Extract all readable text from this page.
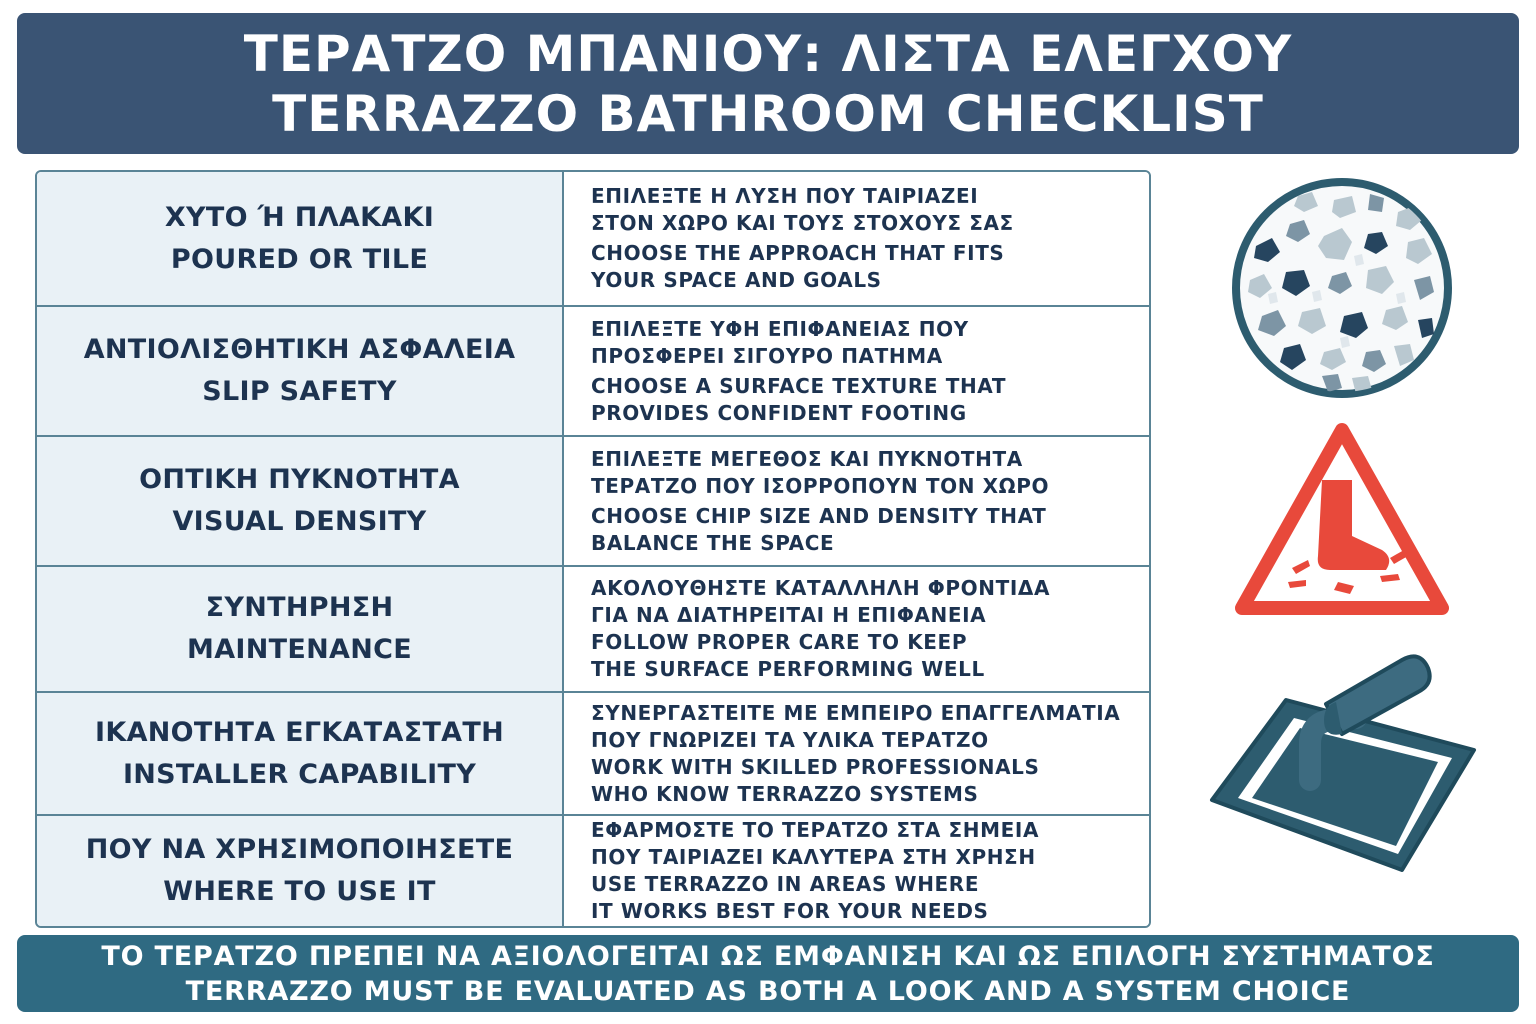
ΤΕΡΑΤΖΟ ΜΠΑΝΙΟΥ: ΛΙΣΤΑ ΕΛΕΓΧΟΥ
TERRAZZO BATHROOM CHECKLIST
ΧΥΤΟ Ή ΠΛΑΚΑΚΙ
POURED OR TILE
ΕΠΙΛΕΞΤΕ Η ΛΥΣΗ ΠΟΥ ΤΑΙΡΙΑΖΕΙ
ΣΤΟΝ ΧΩΡΟ ΚΑΙ ΤΟΥΣ ΣΤΟΧΟΥΣ ΣΑΣ
CHOOSE THE APPROACH THAT FITS
YOUR SPACE AND GOALS
ΑΝΤΙΟΛΙΣΘΗΤΙΚΗ ΑΣΦΑΛΕΙΑ
SLIP SAFETY
ΕΠΙΛΕΞΤΕ ΥΦΗ ΕΠΙΦΑΝΕΙΑΣ ΠΟΥ
ΠΡΟΣΦΕΡΕΙ ΣΙΓΟΥΡΟ ΠΑΤΗΜΑ
CHOOSE A SURFACE TEXTURE THAT
PROVIDES CONFIDENT FOOTING
ΟΠΤΙΚΗ ΠΥΚΝΟΤΗΤΑ
VISUAL DENSITY
ΕΠΙΛΕΞΤΕ ΜΕΓΕΘΟΣ ΚΑΙ ΠΥΚΝΟΤΗΤΑ
ΤΕΡΑΤΖΟ ΠΟΥ ΙΣΟΡΡΟΠΟΥΝ ΤΟΝ ΧΩΡΟ
CHOOSE CHIP SIZE AND DENSITY THAT
BALANCE THE SPACE
ΣΥΝΤΗΡΗΣΗ
MAINTENANCE
ΑΚΟΛΟΥΘΗΣΤΕ ΚΑΤΑΛΛΗΛΗ ΦΡΟΝΤΙΔΑ
ΓΙΑ ΝΑ ΔΙΑΤΗΡΕΙΤΑΙ Η ΕΠΙΦΑΝΕΙΑ
FOLLOW PROPER CARE TO KEEP
THE SURFACE PERFORMING WELL
ΙΚΑΝΟΤΗΤΑ ΕΓΚΑΤΑΣΤΑΤΗ
INSTALLER CAPABILITY
ΣΥΝΕΡΓΑΣΤΕΙΤΕ ΜΕ ΕΜΠΕΙΡΟ ΕΠΑΓΓΕΛΜΑΤΙΑ
ΠΟΥ ΓΝΩΡΙΖΕΙ ΤΑ ΥΛΙΚΑ ΤΕΡΑΤΖΟ
WORK WITH SKILLED PROFESSIONALS
WHO KNOW TERRAZZO SYSTEMS
ΠΟΥ ΝΑ ΧΡΗΣΙΜΟΠΟΙΗΣΕΤΕ
WHERE TO USE IT
ΕΦΑΡΜΟΣΤΕ ΤΟ ΤΕΡΑΤΖΟ ΣΤΑ ΣΗΜΕΙΑ
ΠΟΥ ΤΑΙΡΙΑΖΕΙ ΚΑΛΥΤΕΡΑ ΣΤΗ ΧΡΗΣΗ
USE TERRAZZO IN AREAS WHERE
IT WORKS BEST FOR YOUR NEEDS
ΤΟ ΤΕΡΑΤΖΟ ΠΡΕΠΕΙ ΝΑ ΑΞΙΟΛΟΓΕΙΤΑΙ ΩΣ ΕΜΦΑΝΙΣΗ ΚΑΙ ΩΣ ΕΠΙΛΟΓΗ ΣΥΣΤΗΜΑΤΟΣ
TERRAZZO MUST BE EVALUATED AS BOTH A LOOK AND A SYSTEM CHOICE
